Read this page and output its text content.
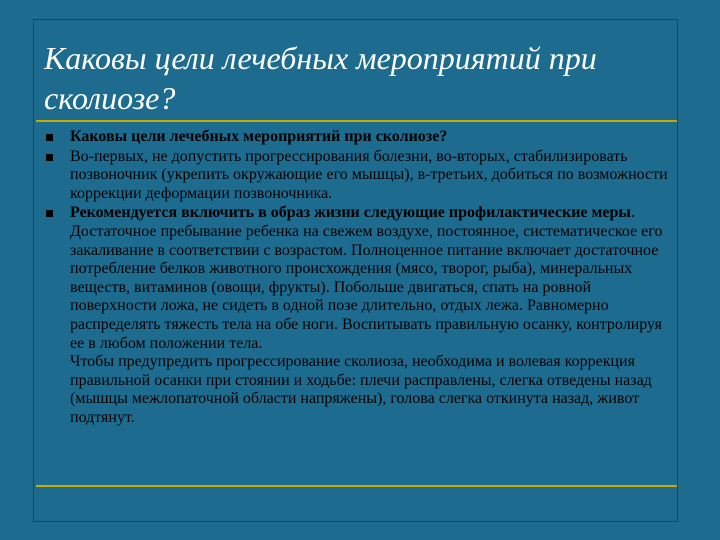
Каковы цели лечебных мероприятий при сколиозе?
Каковы цели лечебных мероприятий при сколиозе?
Во-первых, не допустить прогрессирования болезни, во-вторых, стабилизировать позвоночник (укрепить окружающие его мышцы), в-третьих, добиться по возможности коррекции деформации позвоночника.
Рекомендуется включить в образ жизни следующие профилактические меры. Достаточное пребывание ребенка на свежем воздухе, постоянное, систематическое его закаливание в соответствии с возрастом. Полноценное питание включает достаточное потребление белков животного происхождения (мясо, творог, рыба), минеральных веществ, витаминов (овощи, фрукты). Побольше двигаться, спать на ровной поверхности ложа, не сидеть в одной позе длительно, отдых лежа. Равномерно распределять тяжесть тела на обе ноги. Воспитывать правильную осанку, контролируя ее в любом положении тела.
Чтобы предупредить прогрессирование сколиоза, необходима и волевая коррекция правильной осанки при стоянии и ходьбе: плечи расправлены, слегка отведены назад (мышцы межлопаточной области напряжены), голова слегка откинута назад, живот подтянут.
